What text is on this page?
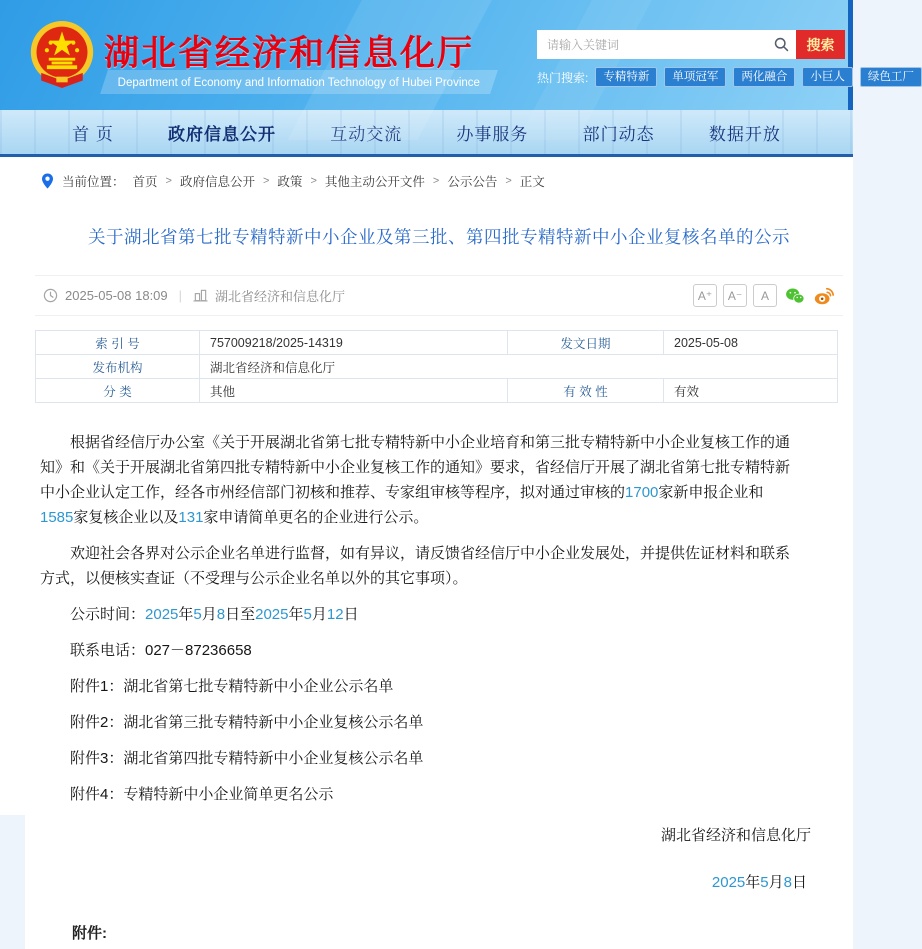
湖北省经济和信息化厅
Department of Economy and Information Technology of Hubei Province
请输入关键词
搜索
热门搜索:	专精特新	单项冠军	两化融合	小巨人	绿色工厂
首 页	政府信息公开	互动交流	办事服务	部门动态	数据开放
当前位置： 首页 > 政府信息公开 > 政策 > 其他主动公开文件 > 公示公告 > 正文
关于湖北省第七批专精特新中小企业及第三批、第四批专精特新中小企业复核名单的公示
2025-05-08 18:09 |	湖北省经济和信息化厅	A⁺	A⁻	A
索 引 号	757009218/2025-14319	发文日期	2025-05-08
发布机构	湖北省经济和信息化厅		
分 类	其他	有 效 性	有效

根据省经信厅办公室《关于开展湖北省第七批专精特新中小企业培育和第三批专精特新中小企业复核工作的通知》和《关于开展湖北省第四批专精特新中小企业复核工作的通知》要求，省经信厅开展了湖北省第七批专精特新中小企业认定工作，经各市州经信部门初核和推荐、专家组审核等程序，拟对通过审核的1700家新申报企业和1585家复核企业以及131家申请简单更名的企业进行公示。

欢迎社会各界对公示企业名单进行监督，如有异议，请反馈省经信厅中小企业发展处，并提供佐证材料和联系方式，以便核实查证（不受理与公示企业名单以外的其它事项）。

公示时间：2025年5月8日至2025年5月12日

联系电话：027－87236658

附件1：湖北省第七批专精特新中小企业公示名单

附件2：湖北省第三批专精特新中小企业复核公示名单

附件3：湖北省第四批专精特新中小企业复核公示名单

附件4：专精特新中小企业简单更名公示

湖北省经济和信息化厅
2025年5月8日
附件:
